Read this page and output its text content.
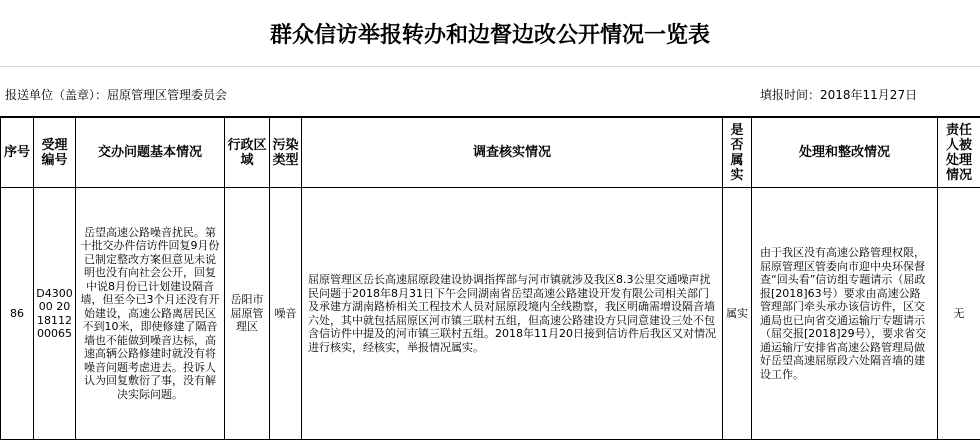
群众信访举报转办和边督边改公开情况一览表
报送单位（盖章）：屈原管理区管理委员会	填报时间：2018年11月27日
序号	受理编号	交办问题基本情况	行政区域	污染类型	调查核实情况	是否属实	处理和整改情况	责任人被处理情况
86	D430000 2018112 00065	岳望高速公路噪音扰民。第十批交办件信访件回复9月份已制定整改方案但意见未说明也没有向社会公开，回复中说8月份已计划建设隔音墙，但至今已3个月还没有开始建设，高速公路离居民区不到10米，即使修建了隔音墙也不能做到噪音达标，高速高辆公路修建时就没有将噪音问题考虑进去。投诉人认为回复敷衍了事，没有解决实际问题。	岳阳市屈原管理区	噪音	屈原管理区岳长高速屈原段建设协调指挥部与河市镇就涉及我区8.3公里交通噪声扰民问题于2018年8月31日下午会同湖南省岳望高速公路建设开发有限公司相关部门及承建方湖南路桥相关工程技术人员对屈原段境内全线勘察，我区明确需增设隔音墙六处，其中就包括屈原区河市镇三联村五组，但高速公路建设方只同意建设三处不包含信访件中提及的河市镇三联村五组。2018年11月20日接到信访件后我区又对情况进行核实，经核实，举报情况属实。	属实	由于我区没有高速公路管理权限，屈原管理区管委向市迎中央环保督查“回头看”信访组专题请示（屈政报[2018]63号）要求由高速公路管理部门牵头承办该信访件，区交通局也已向省交通运输厅专题请示（屈交报[2018]29号），要求省交通运输厅安排省高速公路管理局做好岳望高速屈原段六处隔音墙的建设工作。	无
